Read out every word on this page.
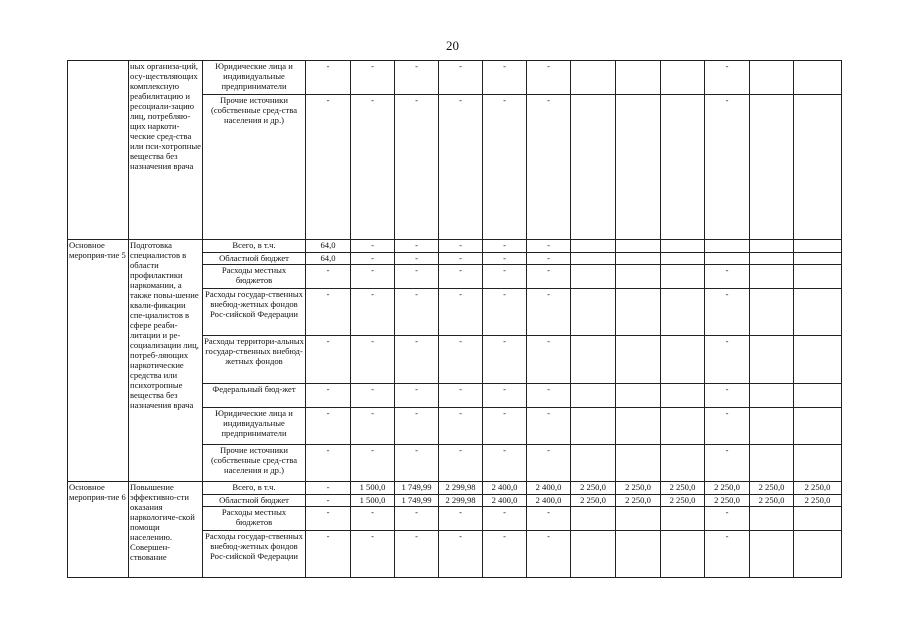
20
	ных организа-ций, осу-ществляющих комплексную реабилитацию и ресоциали-зацию лиц, потребляю-щих наркоти-ческие сред-ства или пси-хотропные вещества без назначения врача	Юридические лица и индивидуальные предприниматели	-	-	-	-	-	-				-			
		Прочие источники (собственные сред-ства населения и др.)	-	-	-	-	-	-				-			
Основное мероприя-тие 5	Подготовка специалистов в области профилактики наркомании, а также повы-шение квали-фикации спе-циалистов в сфере реаби-литации и ре-социализации лиц, потреб-ляющих наркотические средства или психотропные вещества без назначения врача	Всего, в т.ч.	64,0	-	-	-	-	-							
		Областной бюджет	64,0	-	-	-	-	-							
		Расходы местных бюджетов	-	-	-	-	-	-				-			
		Расходы государ-ственных внебюд-жетных фондов Рос-сийской Федерации	-	-	-	-	-	-				-			
		Расходы территори-альных государ-ственных внебюд-жетных фондов	-	-	-	-	-	-				-			
		Федеральный бюд-жет	-	-	-	-	-	-				-			
		Юридические лица и индивидуальные предприниматели	-	-	-	-	-	-				-			
		Прочие источники (собственные сред-ства населения и др.)	-	-	-	-	-	-				-			
Основное мероприя-тие 6	Повышение эффективно-сти оказания наркологиче-ской помощи населению. Совершен-ствование	Всего, в т.ч.	-	1 500,0	1 749,99	2 299,98	2 400,0	2 400,0	2 250,0	2 250,0	2 250,0	2 250,0	2 250,0	2 250,0	
		Областной бюджет	-	1 500,0	1 749,99	2 299,98	2 400,0	2 400,0	2 250,0	2 250,0	2 250,0	2 250,0	2 250,0	2 250,0	
		Расходы местных бюджетов	-	-	-	-	-	-				-			
		Расходы государ-ственных внебюд-жетных фондов Рос-сийской Федерации	-	-	-	-	-	-				-			
